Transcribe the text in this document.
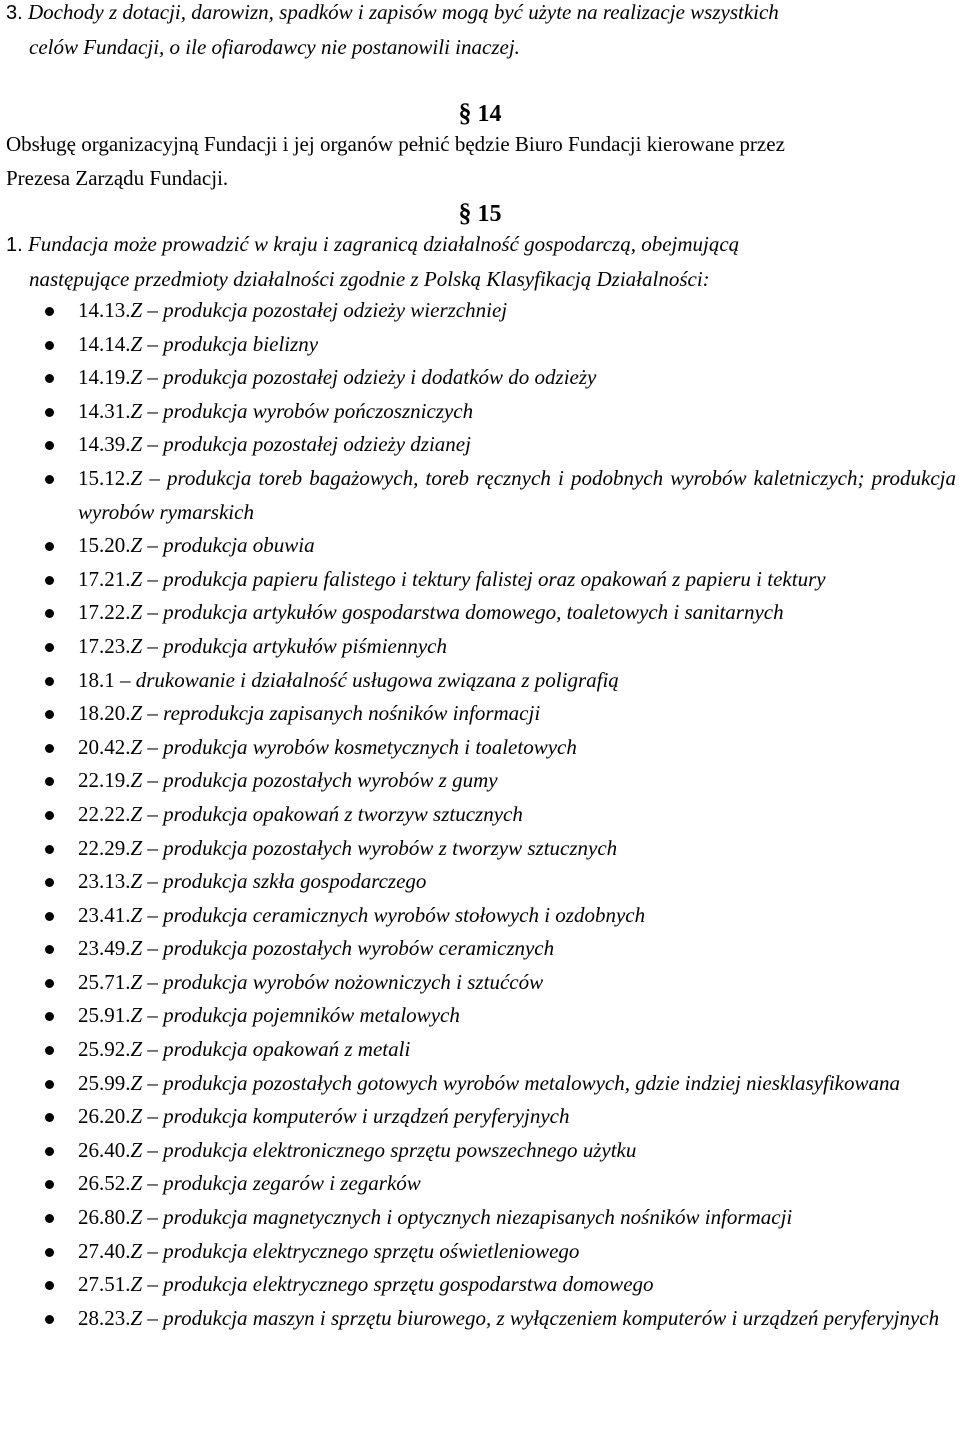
3. Dochody z dotacji, darowizn, spadków i zapisów mogą być użyte na realizacje wszystkich
celów Fundacji, o ile ofiarodawcy nie postanowili inaczej.
§ 14
Obsługę organizacyjną Fundacji i jej organów pełnić będzie Biuro Fundacji kierowane przez
Prezesa Zarządu Fundacji.
§ 15
1. Fundacja może prowadzić w kraju i zagranicą działalność gospodarczą, obejmującą
następujące przedmioty działalności zgodnie z Polską Klasyfikacją Działalności:
14.13.Z – produkcja pozostałej odzieży wierzchniej
14.14.Z – produkcja bielizny
14.19.Z – produkcja pozostałej odzieży i dodatków do odzieży
14.31.Z – produkcja wyrobów pończoszniczych
14.39.Z – produkcja pozostałej odzieży dzianej
15.12.Z – produkcja toreb bagażowych, toreb ręcznych i podobnych wyrobów kaletniczych; produkcja wyrobów rymarskich
15.20.Z – produkcja obuwia
17.21.Z – produkcja papieru falistego i tektury falistej oraz opakowań z papieru i tektury
17.22.Z – produkcja artykułów gospodarstwa domowego, toaletowych i sanitarnych
17.23.Z – produkcja artykułów piśmiennych
18.1 – drukowanie i działalność usługowa związana z poligrafią
18.20.Z – reprodukcja zapisanych nośników informacji
20.42.Z – produkcja wyrobów kosmetycznych i toaletowych
22.19.Z – produkcja pozostałych wyrobów z gumy
22.22.Z – produkcja opakowań z tworzyw sztucznych
22.29.Z – produkcja pozostałych wyrobów z tworzyw sztucznych
23.13.Z – produkcja szkła gospodarczego
23.41.Z – produkcja ceramicznych wyrobów stołowych i ozdobnych
23.49.Z – produkcja pozostałych wyrobów ceramicznych
25.71.Z – produkcja wyrobów nożowniczych i sztućców
25.91.Z – produkcja pojemników metalowych
25.92.Z – produkcja opakowań z metali
25.99.Z – produkcja pozostałych gotowych wyrobów metalowych, gdzie indziej niesklasyfikowana
26.20.Z – produkcja komputerów i urządzeń peryferyjnych
26.40.Z – produkcja elektronicznego sprzętu powszechnego użytku
26.52.Z – produkcja zegarów i zegarków
26.80.Z – produkcja magnetycznych i optycznych niezapisanych nośników informacji
27.40.Z – produkcja elektrycznego sprzętu oświetleniowego
27.51.Z – produkcja elektrycznego sprzętu gospodarstwa domowego
28.23.Z – produkcja maszyn i sprzętu biurowego, z wyłączeniem komputerów i urządzeń peryferyjnych
